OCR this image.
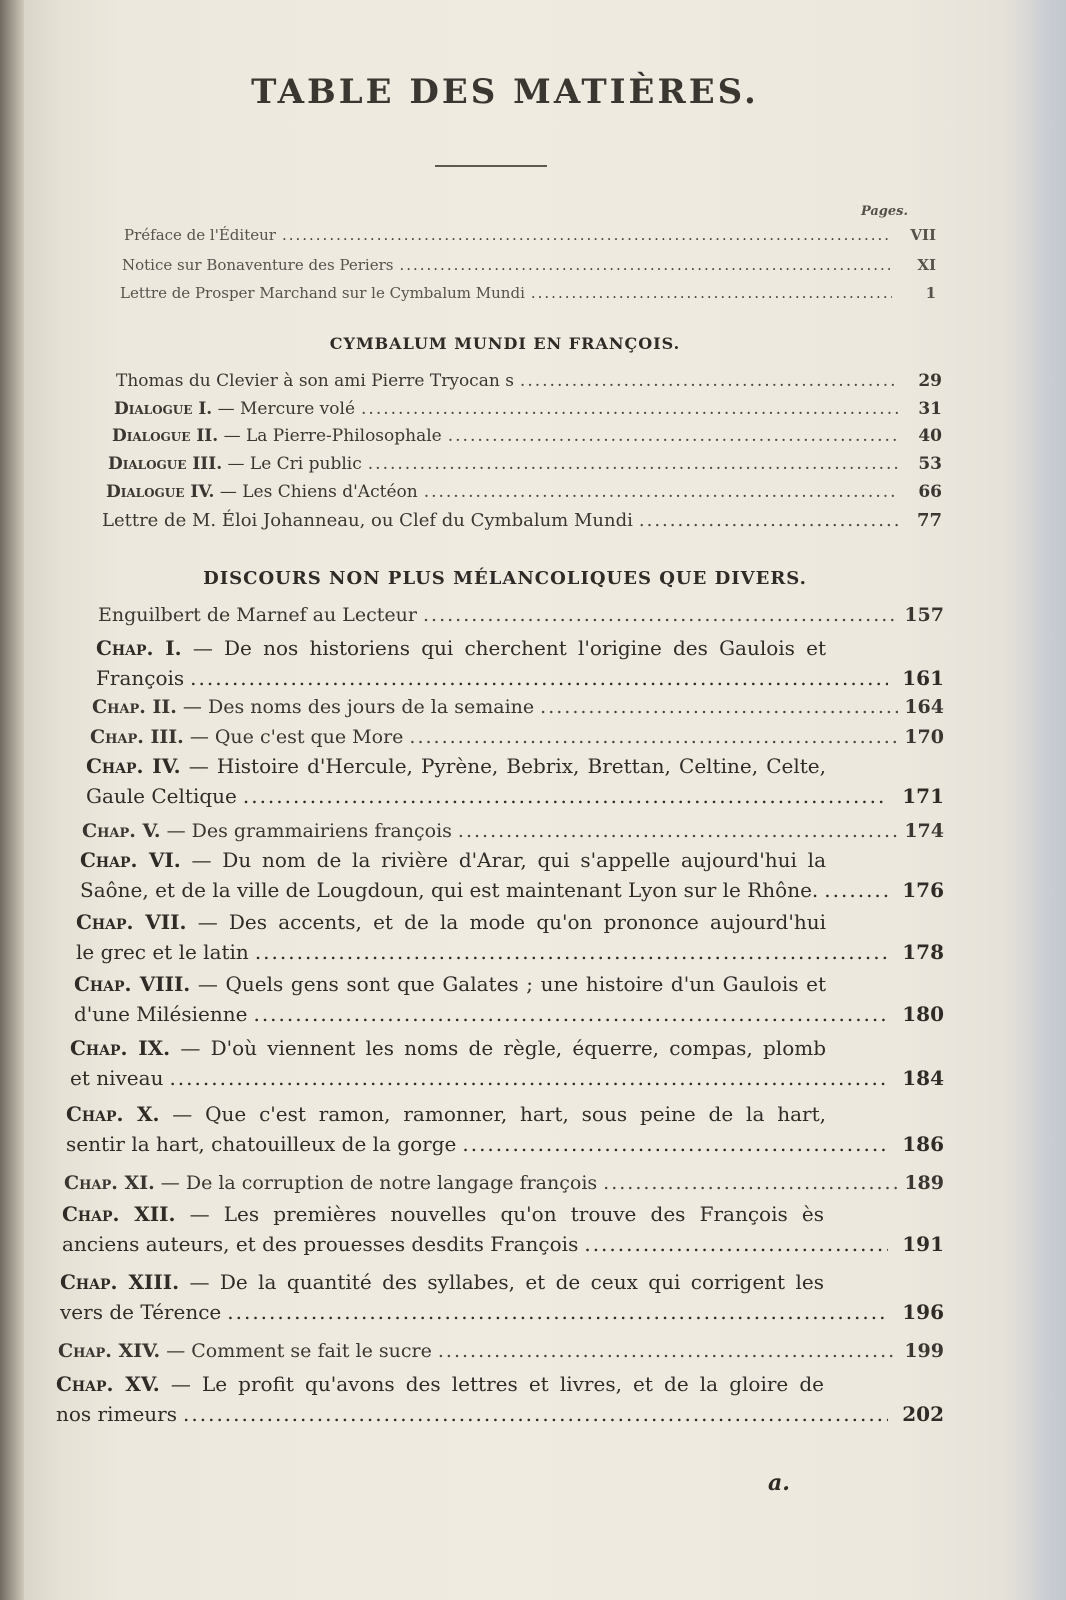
TABLE DES MATIÈRES.
Pages.
Préface de l'Éditeur .....	VII
Notice sur Bonaventure des Periers .....	XI
Lettre de Prosper Marchand sur le Cymbalum Mundi .....	1
CYMBALUM MUNDI EN FRANÇOIS.
Thomas du Clevier à son ami Pierre Tryocan s .....	29
Dialogue I. — Mercure volé .....	31
Dialogue II. — La Pierre-Philosophale .....	40
Dialogue III. — Le Cri public .....	53
Dialogue IV. — Les Chiens d'Actéon .....	66
Lettre de M. Éloi Johanneau, ou Clef du Cymbalum Mundi .....	77
DISCOURS NON PLUS MÉLANCOLIQUES QUE DIVERS.
Enguilbert de Marnef au Lecteur .....	157
Chap. I. — De nos historiens qui cherchent l'origine des Gaulois et
François .....	161
Chap. II. — Des noms des jours de la semaine .....	164
Chap. III. — Que c'est que More .....	170
Chap. IV. — Histoire d'Hercule, Pyrène, Bebrix, Brettan, Celtine, Celte,
Gaule Celtique .....	171
Chap. V. — Des grammairiens françois .....	174
Chap. VI. — Du nom de la rivière d'Arar, qui s'appelle aujourd'hui la
Saône, et de la ville de Lougdoun, qui est maintenant Lyon sur le Rhône. .....	176
Chap. VII. — Des accents, et de la mode qu'on prononce aujourd'hui
le grec et le latin .....	178
Chap. VIII. — Quels gens sont que Galates ; une histoire d'un Gaulois et
d'une Milésienne .....	180
Chap. IX. — D'où viennent les noms de règle, équerre, compas, plomb
et niveau .....	184
Chap. X. — Que c'est ramon, ramonner, hart, sous peine de la hart,
sentir la hart, chatouilleux de la gorge .....	186
Chap. XI. — De la corruption de notre langage françois .....	189
Chap. XII. — Les premières nouvelles qu'on trouve des François ès
anciens auteurs, et des prouesses desdits François .....	191
Chap. XIII. — De la quantité des syllabes, et de ceux qui corrigent les
vers de Térence .....	196
Chap. XIV. — Comment se fait le sucre .....	199
Chap. XV. — Le profit qu'avons des lettres et livres, et de la gloire de
nos rimeurs .....	202
a.
